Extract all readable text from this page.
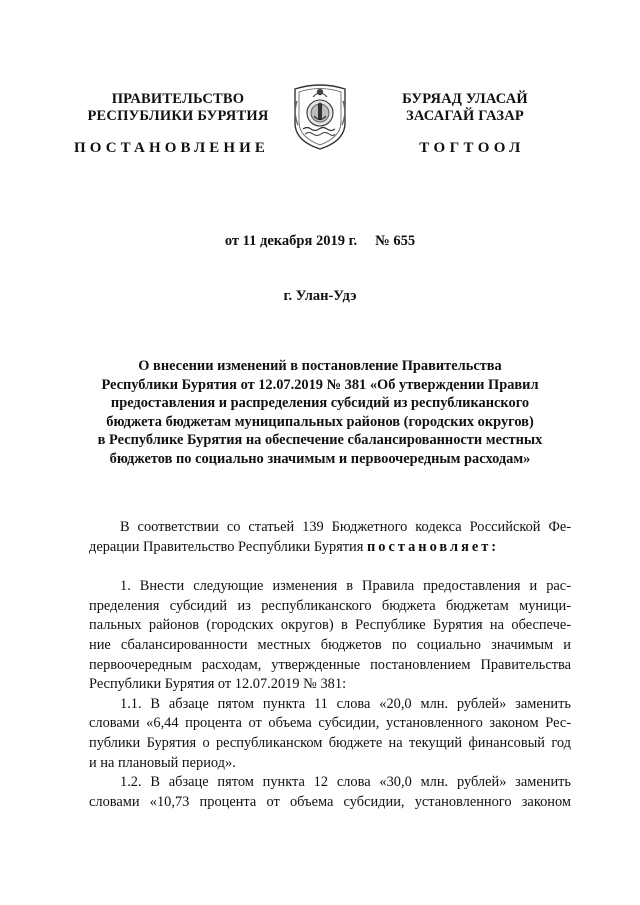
ПРАВИТЕЛЬСТВО
РЕСПУБЛИКИ БУРЯТИЯ
БУРЯАД УЛАСАЙ
ЗАСАГАЙ ГАЗАР
ПОСТАНОВЛЕНИЕ	ТОГТООЛ
от 11 декабря 2019 г. № 655
г. Улан-Удэ
О внесении изменений в постановление Правительства
Республики Бурятия от 12.07.2019 № 381 «Об утверждении Правил
предоставления и распределения субсидий из республиканского
бюджета бюджетам муниципальных районов (городских округов)
в Республике Бурятия на обеспечение сбалансированности местных
бюджетов по социально значимым и первоочередным расходам»

В соответствии со статьей 139 Бюджетного кодекса Российской Фе-
дерации Правительство Республики Бурятия постановляет:

1. Внести следующие изменения в Правила предоставления и рас-
пределения субсидий из республиканского бюджета бюджетам муници-
пальных районов (городских округов) в Республике Бурятия на обеспече-
ние сбалансированности местных бюджетов по социально значимым и
первоочередным расходам, утвержденные постановлением Правительства
Республики Бурятия от 12.07.2019 № 381:

1.1. В абзаце пятом пункта 11 слова «20,0 млн. рублей» заменить
словами «6,44 процента от объема субсидии, установленного законом Рес-
публики Бурятия о республиканском бюджете на текущий финансовый год
и на плановый период».

1.2. В абзаце пятом пункта 12 слова «30,0 млн. рублей» заменить
словами «10,73 процента от объема субсидии, установленного законом
